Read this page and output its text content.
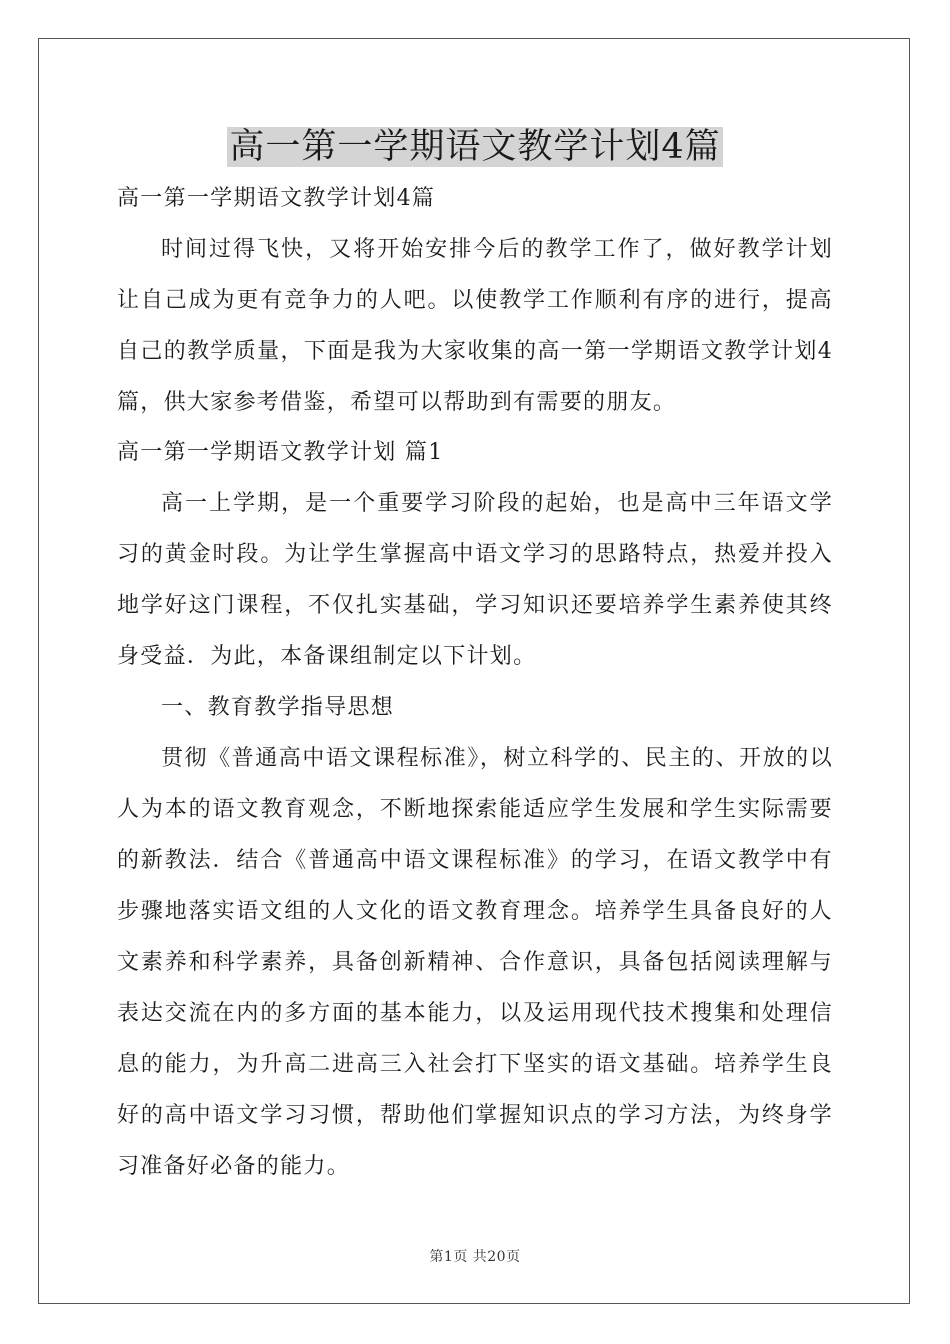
高一第一学期语文教学计划4篇

高一第一学期语文教学计划4篇

时间过得飞快，又将开始安排今后的教学工作了，做好教学计划让自己成为更有竞争力的人吧。以使教学工作顺利有序的进行，提高自己的教学质量，下面是我为大家收集的高一第一学期语文教学计划4篇，供大家参考借鉴，希望可以帮助到有需要的朋友。

高一第一学期语文教学计划 篇1

高一上学期，是一个重要学习阶段的起始，也是高中三年语文学习的黄金时段。为让学生掌握高中语文学习的思路特点，热爱并投入地学好这门课程，不仅扎实基础，学习知识还要培养学生素养使其终身受益．为此，本备课组制定以下计划。

一、教育教学指导思想

贯彻《普通高中语文课程标准》，树立科学的、民主的、开放的以人为本的语文教育观念，不断地探索能适应学生发展和学生实际需要的新教法．结合《普通高中语文课程标准》的学习，在语文教学中有步骤地落实语文组的人文化的语文教育理念。培养学生具备良好的人文素养和科学素养，具备创新精神、合作意识，具备包括阅读理解与表达交流在内的多方面的基本能力，以及运用现代技术搜集和处理信息的能力，为升高二进高三入社会打下坚实的语文基础。培养学生良好的高中语文学习习惯，帮助他们掌握知识点的学习方法，为终身学习准备好必备的能力。

第1页 共20页
